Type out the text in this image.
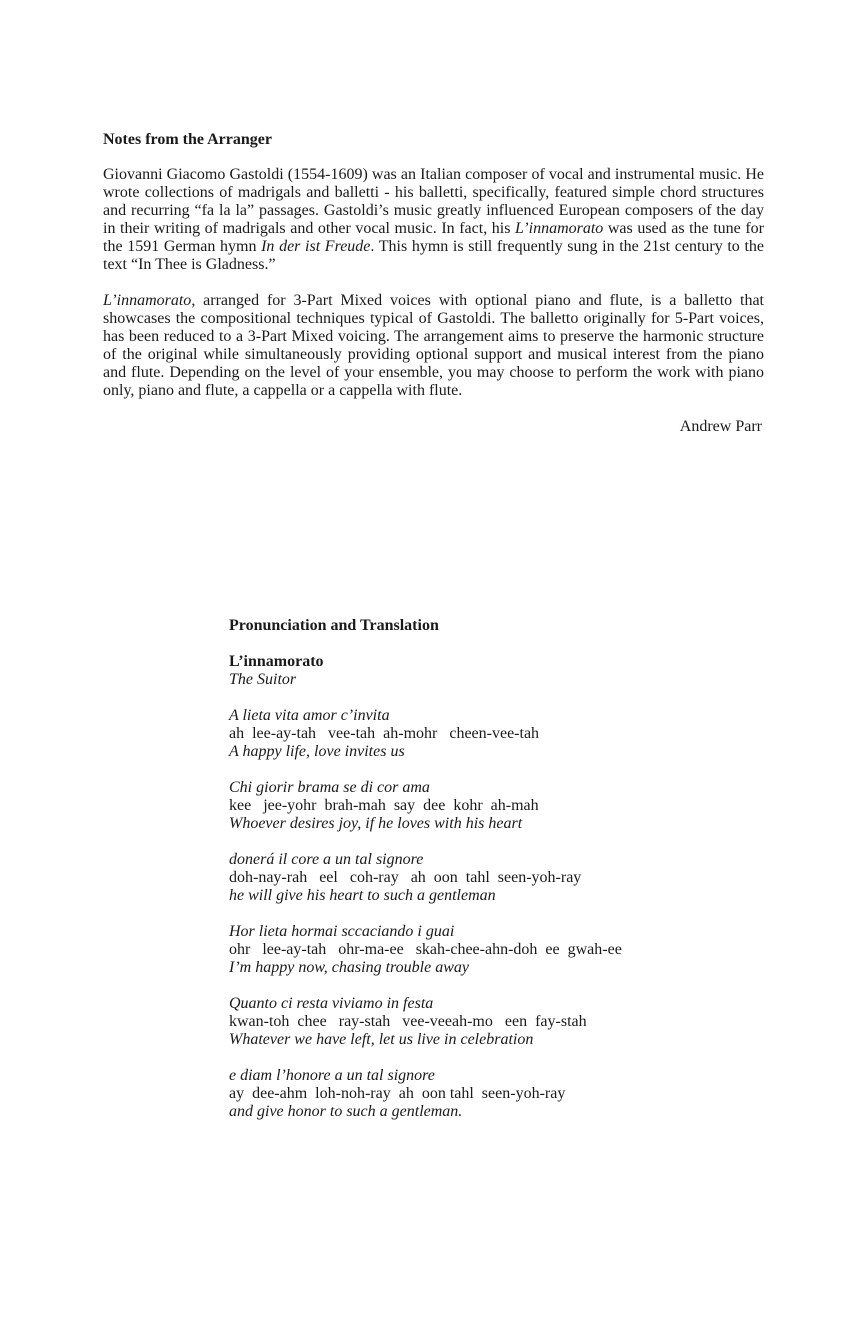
Notes from the Arranger

Giovanni Giacomo Gastoldi (1554-1609) was an Italian composer of vocal and instrumental music. He wrote collections of madrigals and balletti - his balletti, specifically, featured simple chord structures and recurring “fa la la” passages. Gastoldi’s music greatly influenced European composers of the day in their writing of madrigals and other vocal music. In fact, his L’innamorato was used as the tune for the 1591 German hymn In der ist Freude. This hymn is still frequently sung in the 21st century to the text “In Thee is Gladness.”

L’innamorato, arranged for 3-Part Mixed voices with optional piano and flute, is a balletto that showcases the compositional techniques typical of Gastoldi. The balletto originally for 5-Part voices, has been reduced to a 3-Part Mixed voicing. The arrangement aims to preserve the harmonic structure of the original while simultaneously providing optional support and musical interest from the piano and flute. Depending on the level of your ensemble, you may choose to perform the work with piano only, piano and flute, a cappella or a cappella with flute.

Andrew Parr
Pronunciation and Translation
L’innamorato
The Suitor
A lieta vita amor c’invita
ah  lee-ay-tah   vee-tah  ah-mohr   cheen-vee-tah
A happy life, love invites us
Chi giorir brama se di cor ama
kee   jee-yohr  brah-mah  say  dee  kohr  ah-mah
Whoever desires joy, if he loves with his heart
donerá il core a un tal signore
doh-nay-rah   eel   coh-ray   ah  oon  tahl  seen-yoh-ray
he will give his heart to such a gentleman
Hor lieta hormai sccaciando i guai
ohr   lee-ay-tah   ohr-ma-ee   skah-chee-ahn-doh  ee  gwah-ee
I’m happy now, chasing trouble away
Quanto ci resta viviamo in festa
kwan-toh  chee   ray-stah   vee-veeah-mo   een  fay-stah
Whatever we have left, let us live in celebration
e diam l’honore a un tal signore
ay  dee-ahm  loh-noh-ray  ah  oon tahl  seen-yoh-ray
and give honor to such a gentleman.
